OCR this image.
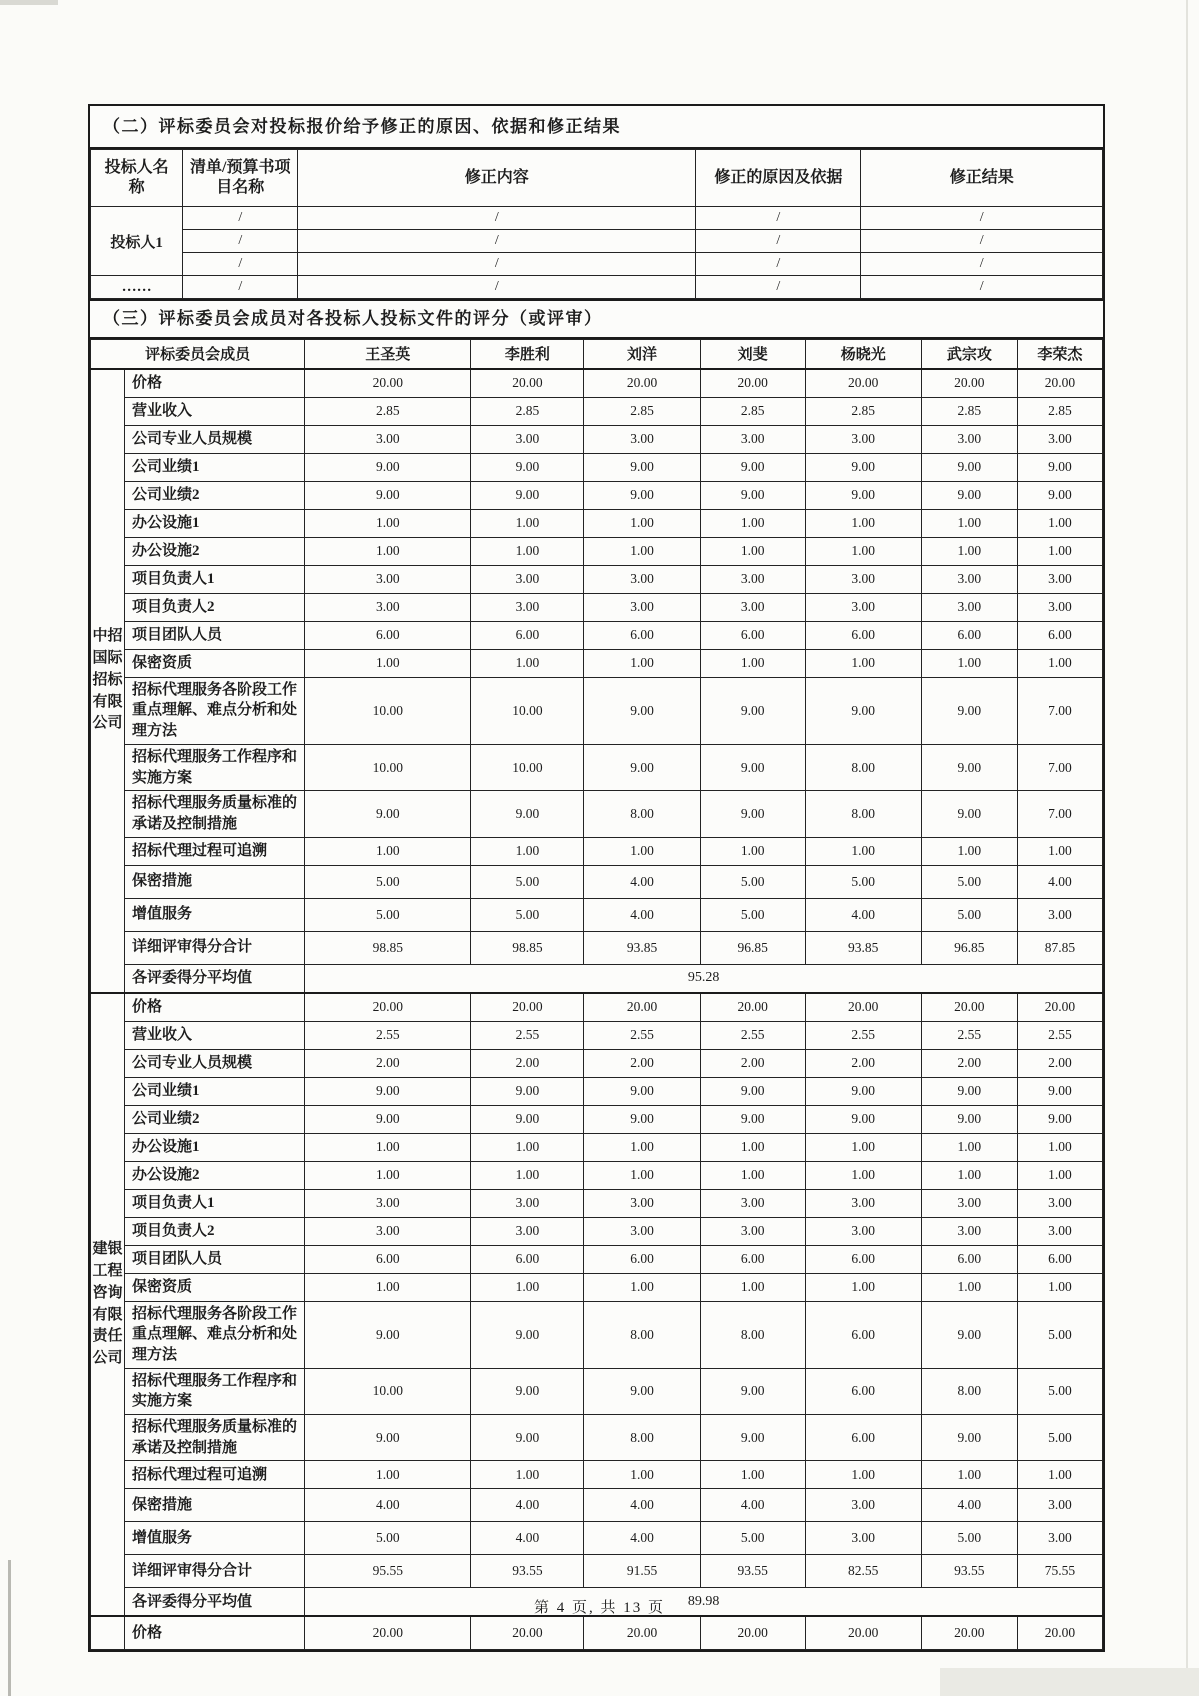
（二）评标委员会对投标报价给予修正的原因、依据和修正结果
投标人名称	清单/预算书项目名称	修正内容	修正的原因及依据	修正结果
投标人1	/	/	/	/
	/	/	/	/
	/	/	/	/
……	/	/	/	/
（三）评标委员会成员对各投标人投标文件的评分（或评审）
评标委员会成员		王圣英	李胜利	刘洋	刘斐	杨晓光	武宗攻	李荣杰
中招国际招标有限公司	价格	20.00	20.00	20.00	20.00	20.00	20.00	20.00
	营业收入	2.85	2.85	2.85	2.85	2.85	2.85	2.85
	公司专业人员规模	3.00	3.00	3.00	3.00	3.00	3.00	3.00
	公司业绩1	9.00	9.00	9.00	9.00	9.00	9.00	9.00
	公司业绩2	9.00	9.00	9.00	9.00	9.00	9.00	9.00
	办公设施1	1.00	1.00	1.00	1.00	1.00	1.00	1.00
	办公设施2	1.00	1.00	1.00	1.00	1.00	1.00	1.00
	项目负责人1	3.00	3.00	3.00	3.00	3.00	3.00	3.00
	项目负责人2	3.00	3.00	3.00	3.00	3.00	3.00	3.00
	项目团队人员	6.00	6.00	6.00	6.00	6.00	6.00	6.00
	保密资质	1.00	1.00	1.00	1.00	1.00	1.00	1.00
	招标代理服务各阶段工作重点理解、难点分析和处理方法	10.00	10.00	9.00	9.00	9.00	9.00	7.00
	招标代理服务工作程序和实施方案	10.00	10.00	9.00	9.00	8.00	9.00	7.00
	招标代理服务质量标准的承诺及控制措施	9.00	9.00	8.00	9.00	8.00	9.00	7.00
	招标代理过程可追溯	1.00	1.00	1.00	1.00	1.00	1.00	1.00
	保密措施	5.00	5.00	4.00	5.00	5.00	5.00	4.00
	增值服务	5.00	5.00	4.00	5.00	4.00	5.00	3.00
	详细评审得分合计	98.85	98.85	93.85	96.85	93.85	96.85	87.85
	各评委得分平均值	95.28						
建银工程咨询有限责任公司	价格	20.00	20.00	20.00	20.00	20.00	20.00	20.00
	营业收入	2.55	2.55	2.55	2.55	2.55	2.55	2.55
	公司专业人员规模	2.00	2.00	2.00	2.00	2.00	2.00	2.00
	公司业绩1	9.00	9.00	9.00	9.00	9.00	9.00	9.00
	公司业绩2	9.00	9.00	9.00	9.00	9.00	9.00	9.00
	办公设施1	1.00	1.00	1.00	1.00	1.00	1.00	1.00
	办公设施2	1.00	1.00	1.00	1.00	1.00	1.00	1.00
	项目负责人1	3.00	3.00	3.00	3.00	3.00	3.00	3.00
	项目负责人2	3.00	3.00	3.00	3.00	3.00	3.00	3.00
	项目团队人员	6.00	6.00	6.00	6.00	6.00	6.00	6.00
	保密资质	1.00	1.00	1.00	1.00	1.00	1.00	1.00
	招标代理服务各阶段工作重点理解、难点分析和处理方法	9.00	9.00	8.00	8.00	6.00	9.00	5.00
	招标代理服务工作程序和实施方案	10.00	9.00	9.00	9.00	6.00	8.00	5.00
	招标代理服务质量标准的承诺及控制措施	9.00	9.00	8.00	9.00	6.00	9.00	5.00
	招标代理过程可追溯	1.00	1.00	1.00	1.00	1.00	1.00	1.00
	保密措施	4.00	4.00	4.00	4.00	3.00	4.00	3.00
	增值服务	5.00	4.00	4.00	5.00	3.00	5.00	3.00
	详细评审得分合计	95.55	93.55	91.55	93.55	82.55	93.55	75.55
	各评委得分平均值	89.98						
	价格	20.00	20.00	20.00	20.00	20.00	20.00	20.00
第 4 页, 共 13 页
